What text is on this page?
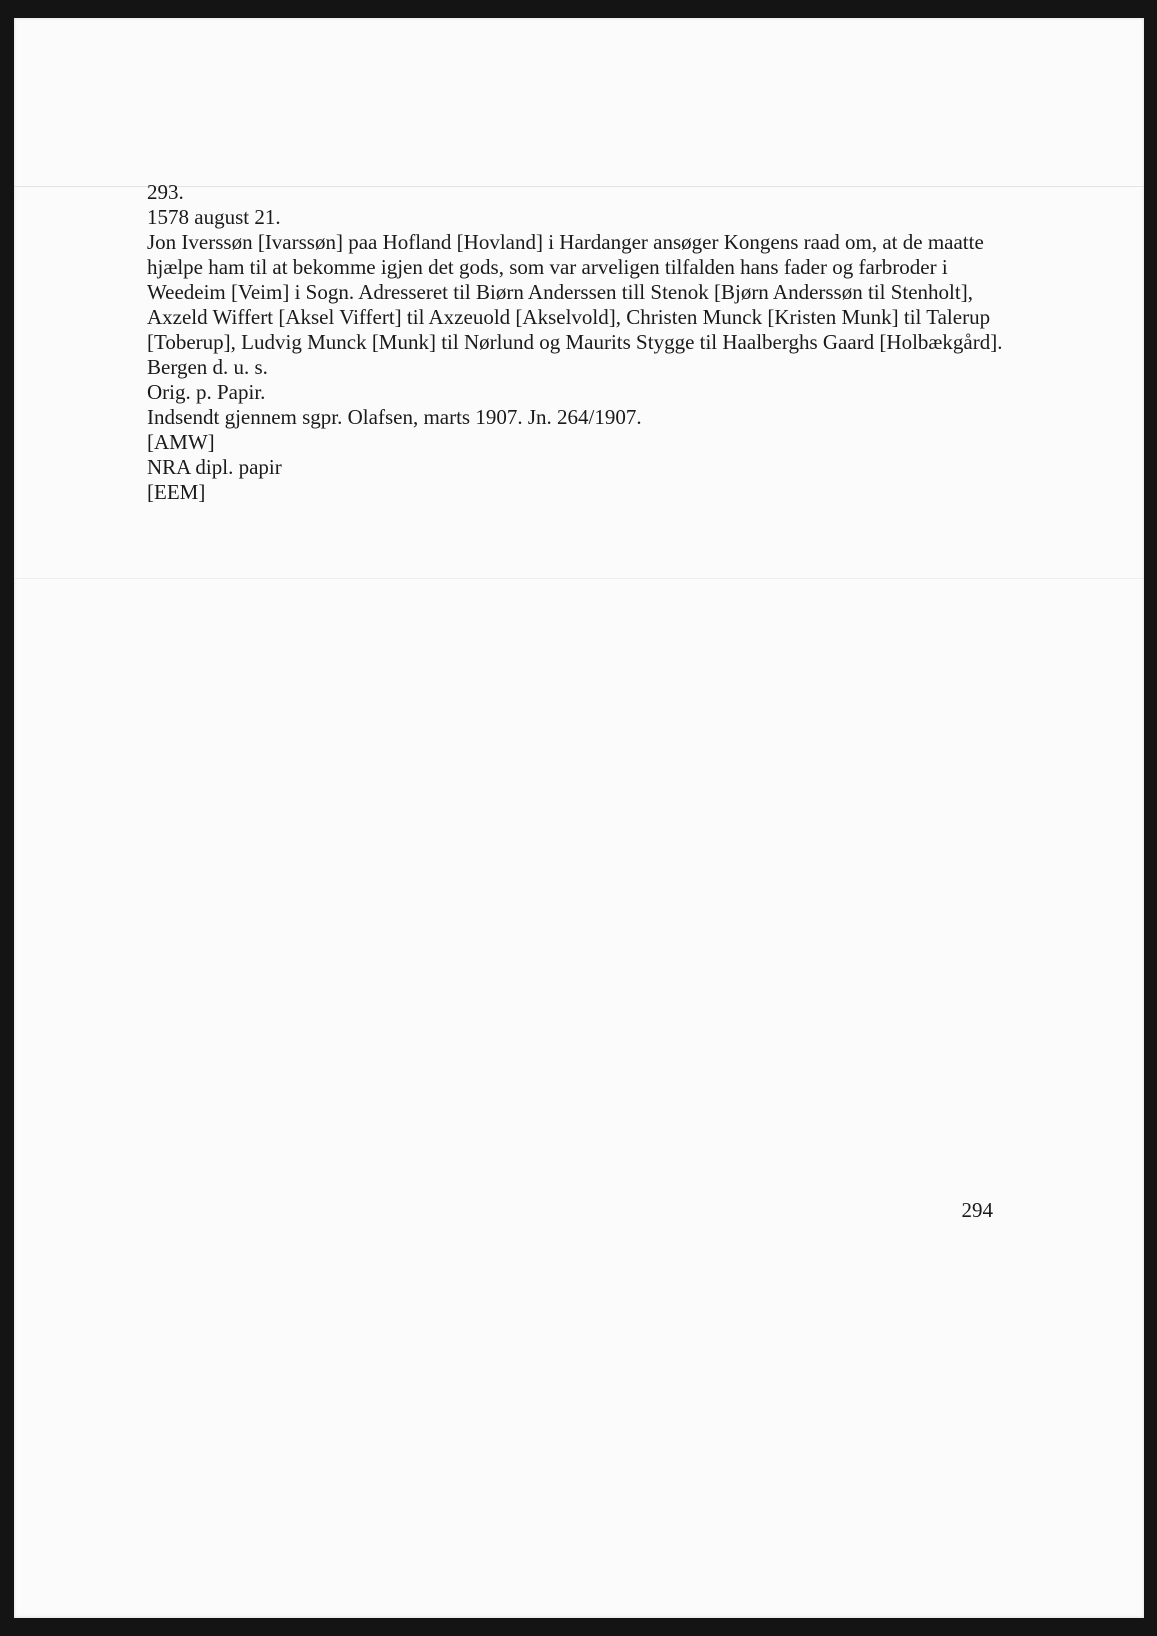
293.

1578 august 21.

Jon Iverssøn [Ivarssøn] paa Hofland [Hovland] i Hardanger ansøger Kongens raad om, at de maatte hjælpe ham til at bekomme igjen det gods, som var arveligen tilfalden hans fader og farbroder i Weedeim [Veim] i Sogn. Adresseret til Biørn Anderssen till Stenok [Bjørn Anderssøn til Stenholt], Axzeld Wiffert [Aksel Viffert] til Axzeuold [Akselvold], Christen Munck [Kristen Munk] til Talerup [Toberup], Ludvig Munck [Munk] til Nørlund og Maurits Stygge til Haalberghs Gaard [Holbækgård].

Bergen d. u. s.

Orig. p. Papir.

Indsendt gjennem sgpr. Olafsen, marts 1907. Jn. 264/1907.

[AMW]

NRA dipl. papir

[EEM]

294
